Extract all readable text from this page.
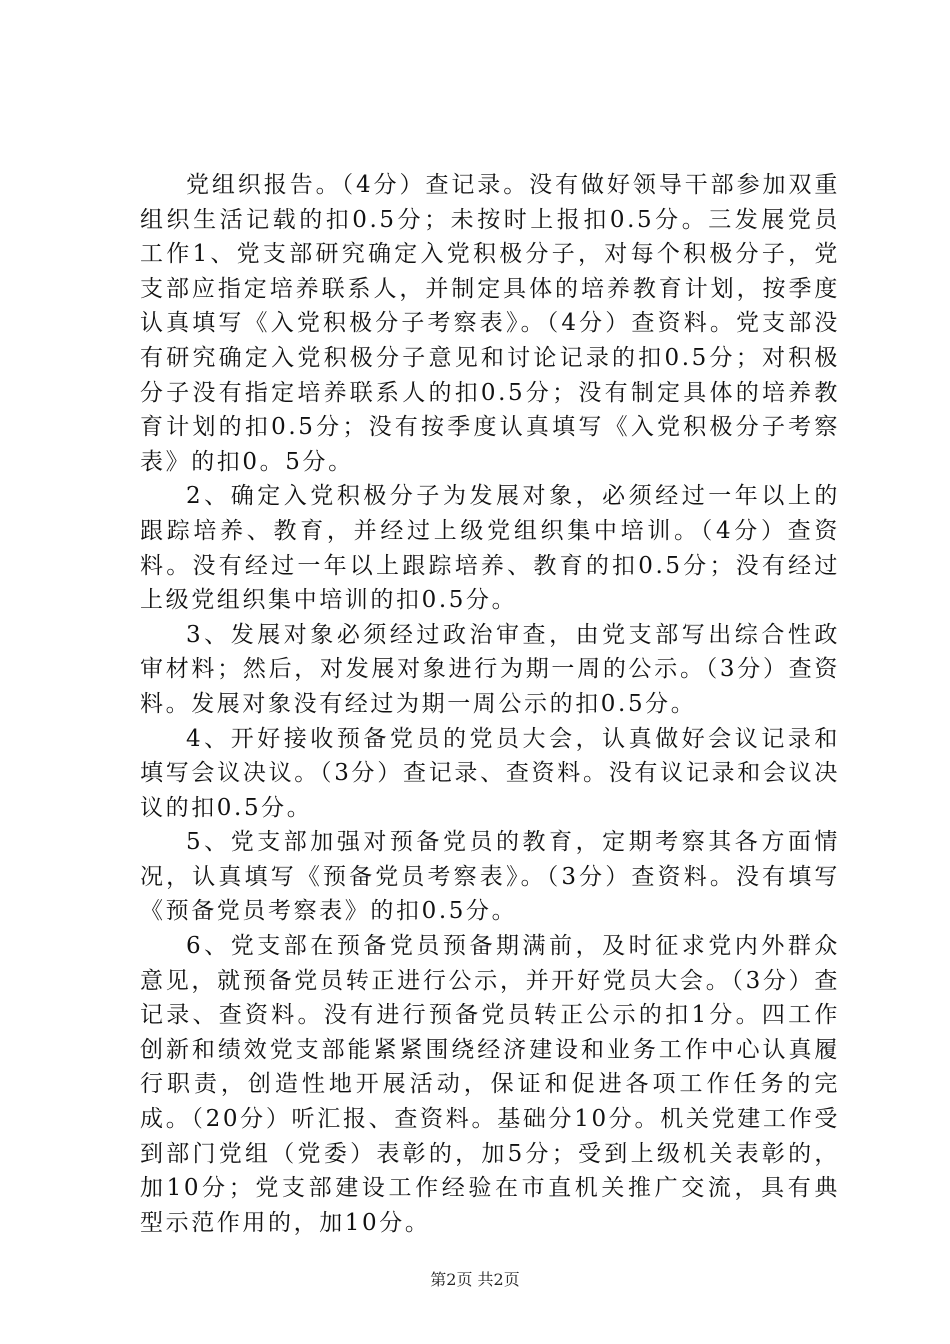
党组织报告。（4分）查记录。没有做好领导干部参加双重组织生活记载的扣0.5分；未按时上报扣0.5分。三发展党员工作1、党支部研究确定入党积极分子，对每个积极分子，党支部应指定培养联系人，并制定具体的培养教育计划，按季度认真填写《入党积极分子考察表》。（4分）查资料。党支部没有研究确定入党积极分子意见和讨论记录的扣0.5分；对积极分子没有指定培养联系人的扣0.5分；没有制定具体的培养教育计划的扣0.5分；没有按季度认真填写《入党积极分子考察表》的扣0。5分。

2、确定入党积极分子为发展对象，必须经过一年以上的跟踪培养、教育，并经过上级党组织集中培训。（4分）查资料。没有经过一年以上跟踪培养、教育的扣0.5分；没有经过上级党组织集中培训的扣0.5分。

3、发展对象必须经过政治审查，由党支部写出综合性政审材料；然后，对发展对象进行为期一周的公示。（3分）查资料。发展对象没有经过为期一周公示的扣0.5分。

4、开好接收预备党员的党员大会，认真做好会议记录和填写会议决议。（3分）查记录、查资料。没有议记录和会议决议的扣0.5分。

5、党支部加强对预备党员的教育，定期考察其各方面情况，认真填写《预备党员考察表》。（3分）查资料。没有填写《预备党员考察表》的扣0.5分。

6、党支部在预备党员预备期满前，及时征求党内外群众意见，就预备党员转正进行公示，并开好党员大会。（3分）查记录、查资料。没有进行预备党员转正公示的扣1分。四工作创新和绩效党支部能紧紧围绕经济建设和业务工作中心认真履行职责，创造性地开展活动，保证和促进各项工作任务的完成。（20分）听汇报、查资料。基础分10分。机关党建工作受到部门党组（党委）表彰的，加5分；受到上级机关表彰的，加10分；党支部建设工作经验在市直机关推广交流，具有典型示范作用的，加10分。

第2页 共2页
